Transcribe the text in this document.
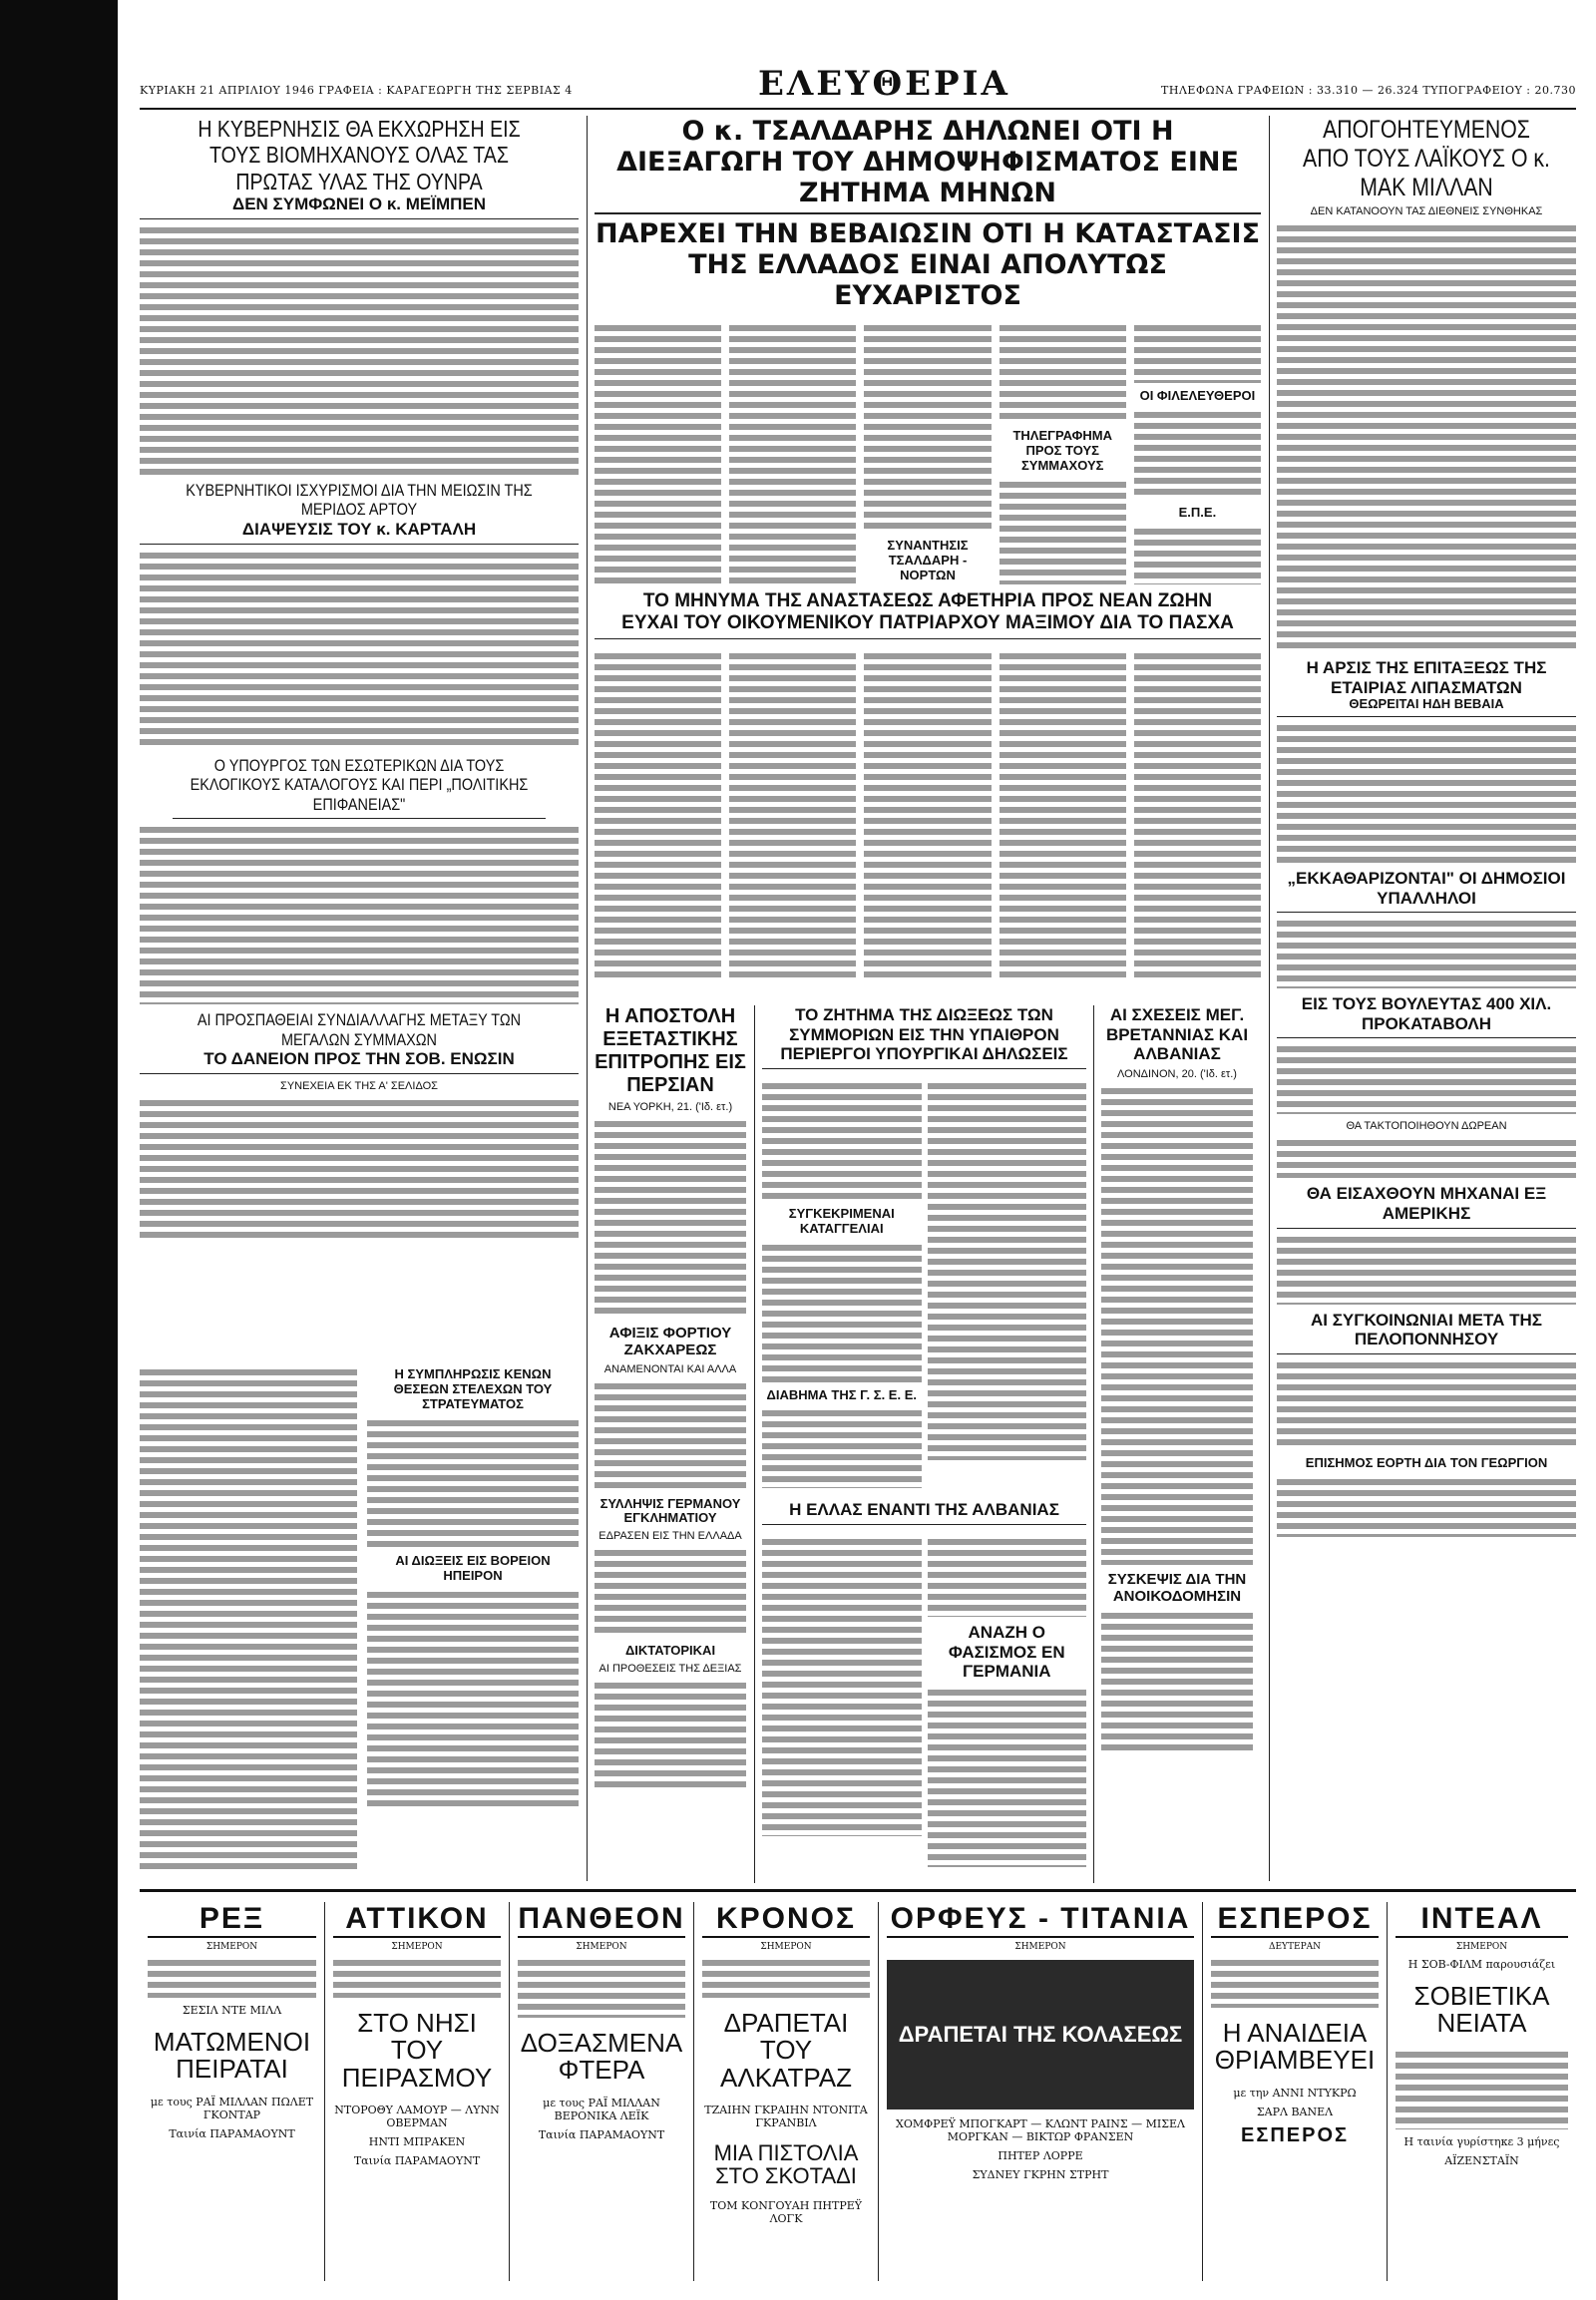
ΚΥΡΙΑΚΗ 21 ΑΠΡΙΛΙΟΥ 1946 ΓΡΑΦΕΙΑ : ΚΑΡΑΓΕΩΡΓΗ ΤΗΣ ΣΕΡΒΙΑΣ 4	ΕΛΕΥΘΕΡΙΑ	ΤΗΛΕΦΩΝΑ ΓΡΑΦΕΙΩΝ : 33.310 — 26.324 ΤΥΠΟΓΡΑΦΕΙΟΥ : 20.730

Η ΚΥΒΕΡΝΗΣΙΣ ΘΑ ΕΚΧΩΡΗΣΗ ΕΙΣ ΤΟΥΣ ΒΙΟΜΗΧΑΝΟΥΣ ΟΛΑΣ ΤΑΣ ΠΡΩΤΑΣ ΥΛΑΣ ΤΗΣ ΟΥΝΡΑ

ΔΕΝ ΣΥΜΦΩΝΕΙ Ο κ. ΜΕΪΜΠΕΝ

ΚΥΒΕΡΝΗΤΙΚΟΙ ΙΣΧΥΡΙΣΜΟΙ ΔΙΑ ΤΗΝ ΜΕΙΩΣΙΝ ΤΗΣ ΜΕΡΙΔΟΣ ΑΡΤΟΥ

ΔΙΑΨΕΥΣΙΣ ΤΟΥ κ. ΚΑΡΤΑΛΗ

Ο ΥΠΟΥΡΓΟΣ ΤΩΝ ΕΣΩΤΕΡΙΚΩΝ ΔΙΑ ΤΟΥΣ ΕΚΛΟΓΙΚΟΥΣ ΚΑΤΑΛΟΓΟΥΣ ΚΑΙ ΠΕΡΙ „ΠΟΛΙΤΙΚΗΣ ΕΠΙΦΑΝΕΙΑΣ"

ΑΙ ΠΡΟΣΠΑΘΕΙΑΙ ΣΥΝΔΙΑΛΛΑΓΗΣ ΜΕΤΑΞΥ ΤΩΝ ΜΕΓΑΛΩΝ ΣΥΜΜΑΧΩΝ

ΤΟ ΔΑΝΕΙΟΝ ΠΡΟΣ ΤΗΝ ΣΟΒ. ΕΝΩΣΙΝ

ΣΥΝΕΧΕΙΑ ΕΚ ΤΗΣ Α' ΣΕΛΙΔΟΣ

Η ΣΥΜΠΛΗΡΩΣΙΣ ΚΕΝΩΝ ΘΕΣΕΩΝ ΣΤΕΛΕΧΩΝ ΤΟΥ ΣΤΡΑΤΕΥΜΑΤΟΣ

ΑΙ ΔΙΩΞΕΙΣ ΕΙΣ ΒΟΡΕΙΟΝ ΗΠΕΙΡΟΝ

Ο κ. ΤΣΑΛΔΑΡΗΣ ΔΗΛΩΝΕΙ ΟΤΙ Η ΔΙΕΞΑΓΩΓΗ ΤΟΥ ΔΗΜΟΨΗΦΙΣΜΑΤΟΣ ΕΙΝΕ ΖΗΤΗΜΑ ΜΗΝΩΝ

ΠΑΡΕΧΕΙ ΤΗΝ ΒΕΒΑΙΩΣΙΝ ΟΤΙ Η ΚΑΤΑΣΤΑΣΙΣ ΤΗΣ ΕΛΛΑΔΟΣ ΕΙΝΑΙ ΑΠΟΛΥΤΩΣ ΕΥΧΑΡΙΣΤΟΣ

ΣΥΝΑΝΤΗΣΙΣ ΤΣΑΛΔΑΡΗ - ΝΟΡΤΩΝ

ΤΗΛΕΓΡΑΦΗΜΑ ΠΡΟΣ ΤΟΥΣ ΣΥΜΜΑΧΟΥΣ

ΟΙ ΦΙΛΕΛΕΥΘΕΡΟΙ

Ε.Π.Ε.

ΤΟ ΜΗΝΥΜΑ ΤΗΣ ΑΝΑΣΤΑΣΕΩΣ ΑΦΕΤΗΡΙΑ ΠΡΟΣ ΝΕΑΝ ΖΩΗΝ

ΕΥΧΑΙ ΤΟΥ ΟΙΚΟΥΜΕΝΙΚΟΥ ΠΑΤΡΙΑΡΧΟΥ ΜΑΞΙΜΟΥ ΔΙΑ ΤΟ ΠΑΣΧΑ

Η ΑΠΟΣΤΟΛΗ ΕΞΕΤΑΣΤΙΚΗΣ ΕΠΙΤΡΟΠΗΣ ΕΙΣ ΠΕΡΣΙΑΝ

ΝΕΑ ΥΟΡΚΗ, 21. ('Ιδ. ετ.)

ΑΦΙΞΙΣ ΦΟΡΤΙΟΥ ΖΑΚΧΑΡΕΩΣ

ΑΝΑΜΕΝΟΝΤΑΙ ΚΑΙ ΑΛΛΑ

ΣΥΛΛΗΨΙΣ ΓΕΡΜΑΝΟΥ ΕΓΚΛΗΜΑΤΙΟΥ

ΕΔΡΑΣΕΝ ΕΙΣ ΤΗΝ ΕΛΛΑΔΑ

ΔΙΚΤΑΤΟΡΙΚΑΙ

ΑΙ ΠΡΟΘΕΣΕΙΣ ΤΗΣ ΔΕΞΙΑΣ

ΤΟ ΖΗΤΗΜΑ ΤΗΣ ΔΙΩΞΕΩΣ ΤΩΝ ΣΥΜΜΟΡΙΩΝ ΕΙΣ ΤΗΝ ΥΠΑΙΘΡΟΝ

ΠΕΡΙΕΡΓΟΙ ΥΠΟΥΡΓΙΚΑΙ ΔΗΛΩΣΕΙΣ

ΣΥΓΚΕΚΡΙΜΕΝΑΙ ΚΑΤΑΓΓΕΛΙΑΙ

ΔΙΑΒΗΜΑ ΤΗΣ Γ. Σ. Ε. Ε.

Η ΕΛΛΑΣ ΕΝΑΝΤΙ ΤΗΣ ΑΛΒΑΝΙΑΣ

ΑΝΑΖΗ Ο ΦΑΣΙΣΜΟΣ ΕΝ ΓΕΡΜΑΝΙΑ

ΑΙ ΣΧΕΣΕΙΣ ΜΕΓ. ΒΡΕΤΑΝΝΙΑΣ ΚΑΙ ΑΛΒΑΝΙΑΣ

ΛΟΝΔΙΝΟΝ, 20. ('Ιδ. ετ.)

ΣΥΣΚΕΨΙΣ ΔΙΑ ΤΗΝ ΑΝΟΙΚΟΔΟΜΗΣΙΝ

ΑΠΟΓΟΗΤΕΥΜΕΝΟΣ ΑΠΟ ΤΟΥΣ ΛΑΪΚΟΥΣ Ο κ. ΜΑΚ ΜΙΛΛΑΝ

ΔΕΝ ΚΑΤΑΝΟΟΥΝ ΤΑΣ ΔΙΕΘΝΕΙΣ ΣΥΝΘΗΚΑΣ

Η ΑΡΣΙΣ ΤΗΣ ΕΠΙΤΑΞΕΩΣ ΤΗΣ ΕΤΑΙΡΙΑΣ ΛΙΠΑΣΜΑΤΩΝ

ΘΕΩΡΕΙΤΑΙ ΗΔΗ ΒΕΒΑΙΑ

„ΕΚΚΑΘΑΡΙΖΟΝΤΑΙ" ΟΙ ΔΗΜΟΣΙΟΙ ΥΠΑΛΛΗΛΟΙ

ΕΙΣ ΤΟΥΣ ΒΟΥΛΕΥΤΑΣ 400 ΧΙΛ. ΠΡΟΚΑΤΑΒΟΛΗ

ΘΑ ΤΑΚΤΟΠΟΙΗΘΟΥΝ ΔΩΡΕΑΝ

ΘΑ ΕΙΣΑΧΘΟΥΝ ΜΗΧΑΝΑΙ ΕΞ ΑΜΕΡΙΚΗΣ

ΑΙ ΣΥΓΚΟΙΝΩΝΙΑΙ ΜΕΤΑ ΤΗΣ ΠΕΛΟΠΟΝΝΗΣΟΥ

ΕΠΙΣΗΜΟΣ ΕΟΡΤΗ ΔΙΑ ΤΟΝ ΓΕΩΡΓΙΟΝ

ΡΕΞ

ΣΗΜΕΡΟΝ

ΣΕΣΙΛ ΝΤΕ ΜΙΛΛ

ΜΑΤΩΜΕΝΟΙ ΠΕΙΡΑΤΑΙ

με τους ΡΑΪ ΜΙΛΛΑΝ ΠΩΛΕΤ ΓΚΟΝΤΑΡ

Ταινία ΠΑΡΑΜΑΟΥΝΤ

ΑΤΤΙΚΟΝ

ΣΗΜΕΡΟΝ

ΣΤΟ ΝΗΣΙ ΤΟΥ ΠΕΙΡΑΣΜΟΥ

ΝΤΟΡΟΘΥ ΛΑΜΟΥΡ — ΛΥΝΝ ΟΒΕΡΜΑΝ

ΗΝΤΙ ΜΠΡΑΚΕΝ

Ταινία ΠΑΡΑΜΑΟΥΝΤ

ΠΑΝΘΕΟΝ

ΣΗΜΕΡΟΝ

ΔΟΞΑΣΜΕΝΑ ΦΤΕΡΑ

με τους ΡΑΪ ΜΙΛΛΑΝ ΒΕΡΟΝΙΚΑ ΛΕΪΚ

Ταινία ΠΑΡΑΜΑΟΥΝΤ

ΚΡΟΝΟΣ

ΣΗΜΕΡΟΝ

ΔΡΑΠΕΤΑΙ ΤΟΥ ΑΛΚΑΤΡΑΖ

ΤΖΑΙΗΝ ΓΚΡΑΙΗΝ ΝΤΟΝΙΤΑ ΓΚΡΑΝΒΙΛ

ΜΙΑ ΠΙΣΤΟΛΙΑ ΣΤΟ ΣΚΟΤΑΔΙ

ΤΟΜ ΚΟΝΓΟΥΑΗ ΠΗΤΡΕΫ ΛΟΓΚ

ΟΡΦΕΥΣ - ΤΙΤΑΝΙΑ

ΣΗΜΕΡΟΝ

ΔΡΑΠΕΤΑΙ ΤΗΣ ΚΟΛΑΣΕΩΣ

ΧΟΜΦΡΕΫ ΜΠΟΓΚΑΡΤ — ΚΛΩΝΤ ΡΑΙΝΣ — ΜΙΣΕΛ ΜΟΡΓΚΑΝ — ΒΙΚΤΩΡ ΦΡΑΝΣΕΝ

ΠΗΤΕΡ ΛΟΡΡΕ

ΣΥΔΝΕΥ ΓΚΡΗΝ ΣΤΡΗΤ

ΕΣΠΕΡΟΣ

ΔΕΥΤΕΡΑΝ

Η ΑΝΑΙΔΕΙΑ ΘΡΙΑΜΒΕΥΕΙ

με την ΑΝΝΙ ΝΤΥΚΡΩ

ΣΑΡΛ ΒΑΝΕΛ

ΕΣΠΕΡΟΣ

ΙΝΤΕΑΛ

ΣΗΜΕΡΟΝ

Η ΣΟΒ-ΦΙΛΜ παρουσιάζει

ΣΟΒΙΕΤΙΚΑ ΝΕΙΑΤΑ

Η ταινία γυρίστηκε 3 μήνες

ΑΪΖΕΝΣΤΑΪΝ
